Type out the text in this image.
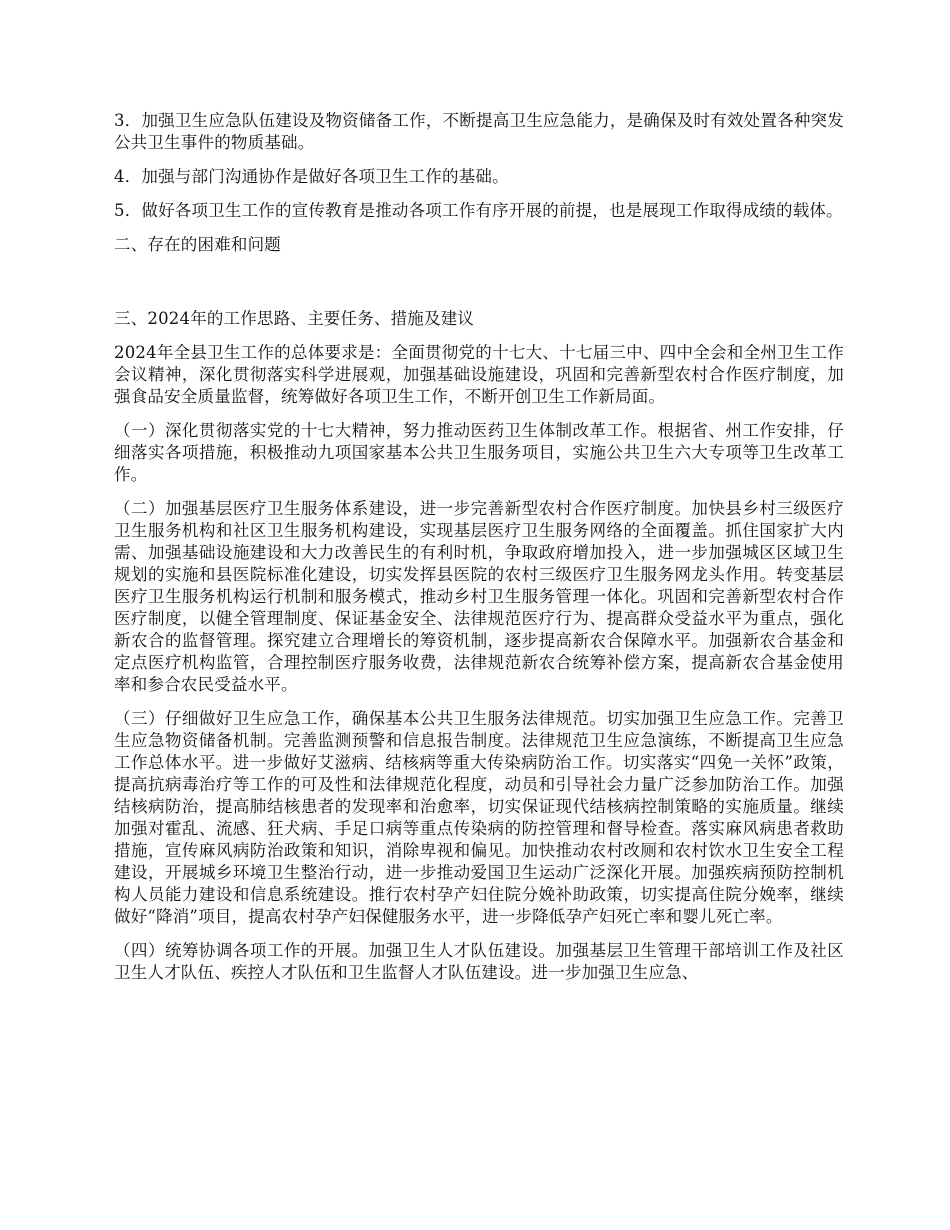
3．加强卫生应急队伍建设及物资储备工作，不断提高卫生应急能力，是确保及时有效处置各种突发公共卫生事件的物质基础。

4．加强与部门沟通协作是做好各项卫生工作的基础。

5．做好各项卫生工作的宣传教育是推动各项工作有序开展的前提，也是展现工作取得成绩的载体。

二、存在的困难和问题

三、2024年的工作思路、主要任务、措施及建议

2024年全县卫生工作的总体要求是：全面贯彻党的十七大、十七届三中、四中全会和全州卫生工作会议精神，深化贯彻落实科学进展观，加强基础设施建设，巩固和完善新型农村合作医疗制度，加强食品安全质量监督，统筹做好各项卫生工作，不断开创卫生工作新局面。

（一）深化贯彻落实党的十七大精神，努力推动医药卫生体制改革工作。根据省、州工作安排，仔细落实各项措施，积极推动九项国家基本公共卫生服务项目，实施公共卫生六大专项等卫生改革工作。

（二）加强基层医疗卫生服务体系建设，进一步完善新型农村合作医疗制度。加快县乡村三级医疗卫生服务机构和社区卫生服务机构建设，实现基层医疗卫生服务网络的全面覆盖。抓住国家扩大内需、加强基础设施建设和大力改善民生的有利时机，争取政府增加投入，进一步加强城区区域卫生规划的实施和县医院标准化建设，切实发挥县医院的农村三级医疗卫生服务网龙头作用。转变基层医疗卫生服务机构运行机制和服务模式，推动乡村卫生服务管理一体化。巩固和完善新型农村合作医疗制度，以健全管理制度、保证基金安全、法律规范医疗行为、提高群众受益水平为重点，强化新农合的监督管理。探究建立合理增长的筹资机制，逐步提高新农合保障水平。加强新农合基金和定点医疗机构监管，合理控制医疗服务收费，法律规范新农合统筹补偿方案，提高新农合基金使用率和参合农民受益水平。

（三）仔细做好卫生应急工作，确保基本公共卫生服务法律规范。切实加强卫生应急工作。完善卫生应急物资储备机制。完善监测预警和信息报告制度。法律规范卫生应急演练，不断提高卫生应急工作总体水平。进一步做好艾滋病、结核病等重大传染病防治工作。切实落实“四免一关怀”政策，提高抗病毒治疗等工作的可及性和法律规范化程度，动员和引导社会力量广泛参加防治工作。加强结核病防治，提高肺结核患者的发现率和治愈率，切实保证现代结核病控制策略的实施质量。继续加强对霍乱、流感、狂犬病、手足口病等重点传染病的防控管理和督导检查。落实麻风病患者救助措施，宣传麻风病防治政策和知识，消除卑视和偏见。加快推动农村改厕和农村饮水卫生安全工程建设，开展城乡环境卫生整治行动，进一步推动爱国卫生运动广泛深化开展。加强疾病预防控制机构人员能力建设和信息系统建设。推行农村孕产妇住院分娩补助政策，切实提高住院分娩率，继续做好“降消”项目，提高农村孕产妇保健服务水平，进一步降低孕产妇死亡率和婴儿死亡率。

（四）统筹协调各项工作的开展。加强卫生人才队伍建设。加强基层卫生管理干部培训工作及社区卫生人才队伍、疾控人才队伍和卫生监督人才队伍建设。进一步加强卫生应急、
